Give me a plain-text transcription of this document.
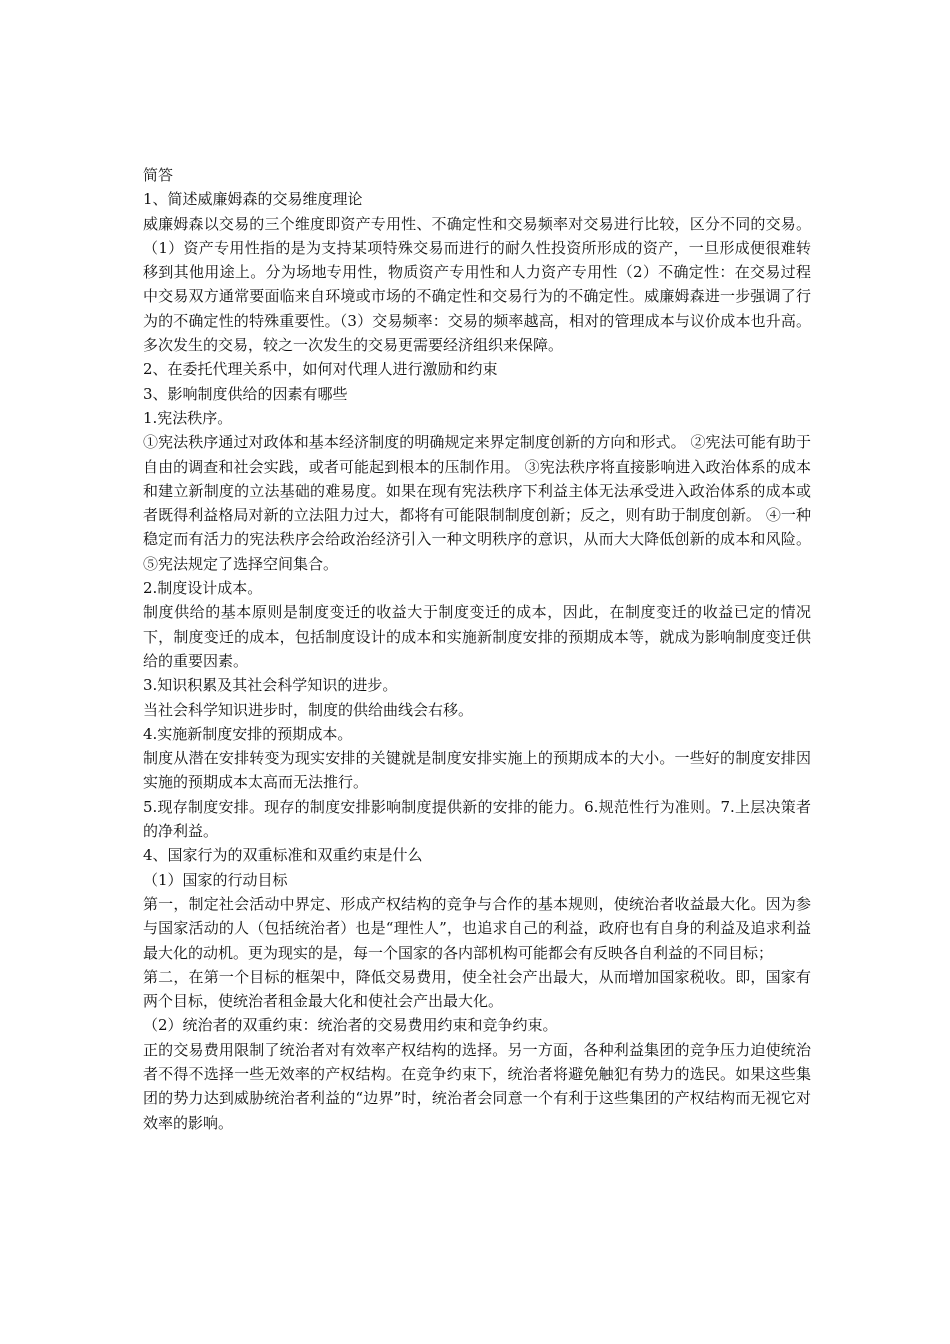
简答

1、简述威廉姆森的交易维度理论

威廉姆森以交易的三个维度即资产专用性、不确定性和交易频率对交易进行比较，区分不同的交易。（1）资产专用性指的是为支持某项特殊交易而进行的耐久性投资所形成的资产，一旦形成便很难转移到其他用途上。分为场地专用性，物质资产专用性和人力资产专用性（2）不确定性：在交易过程中交易双方通常要面临来自环境或市场的不确定性和交易行为的不确定性。威廉姆森进一步强调了行为的不确定性的特殊重要性。（3）交易频率：交易的频率越高，相对的管理成本与议价成本也升高。多次发生的交易，较之一次发生的交易更需要经济组织来保障。

2、在委托代理关系中，如何对代理人进行激励和约束

3、影响制度供给的因素有哪些

1.宪法秩序。

①宪法秩序通过对政体和基本经济制度的明确规定来界定制度创新的方向和形式。 ②宪法可能有助于自由的调查和社会实践，或者可能起到根本的压制作用。 ③宪法秩序将直接影响进入政治体系的成本和建立新制度的立法基础的难易度。如果在现有宪法秩序下利益主体无法承受进入政治体系的成本或者既得利益格局对新的立法阻力过大，都将有可能限制制度创新；反之，则有助于制度创新。 ④一种稳定而有活力的宪法秩序会给政治经济引入一种文明秩序的意识，从而大大降低创新的成本和风险。⑤宪法规定了选择空间集合。

2.制度设计成本。

制度供给的基本原则是制度变迁的收益大于制度变迁的成本，因此，在制度变迁的收益已定的情况下，制度变迁的成本，包括制度设计的成本和实施新制度安排的预期成本等，就成为影响制度变迁供给的重要因素。

3.知识积累及其社会科学知识的进步。

当社会科学知识进步时，制度的供给曲线会右移。

4.实施新制度安排的预期成本。

制度从潜在安排转变为现实安排的关键就是制度安排实施上的预期成本的大小。一些好的制度安排因实施的预期成本太高而无法推行。

5.现存制度安排。现存的制度安排影响制度提供新的安排的能力。6.规范性行为准则。7.上层决策者的净利益。

4、国家行为的双重标准和双重约束是什么

（1）国家的行动目标

第一，制定社会活动中界定、形成产权结构的竞争与合作的基本规则，使统治者收益最大化。因为参与国家活动的人（包括统治者）也是“理性人”，也追求自己的利益，政府也有自身的利益及追求利益最大化的动机。更为现实的是，每一个国家的各内部机构可能都会有反映各自利益的不同目标；

第二，在第一个目标的框架中，降低交易费用，使全社会产出最大，从而增加国家税收。即，国家有两个目标，使统治者租金最大化和使社会产出最大化。

（2）统治者的双重约束：统治者的交易费用约束和竞争约束。

正的交易费用限制了统治者对有效率产权结构的选择。另一方面，各种利益集团的竞争压力迫使统治者不得不选择一些无效率的产权结构。在竞争约束下，统治者将避免触犯有势力的选民。如果这些集团的势力达到威胁统治者利益的“边界”时，统治者会同意一个有利于这些集团的产权结构而无视它对效率的影响。
